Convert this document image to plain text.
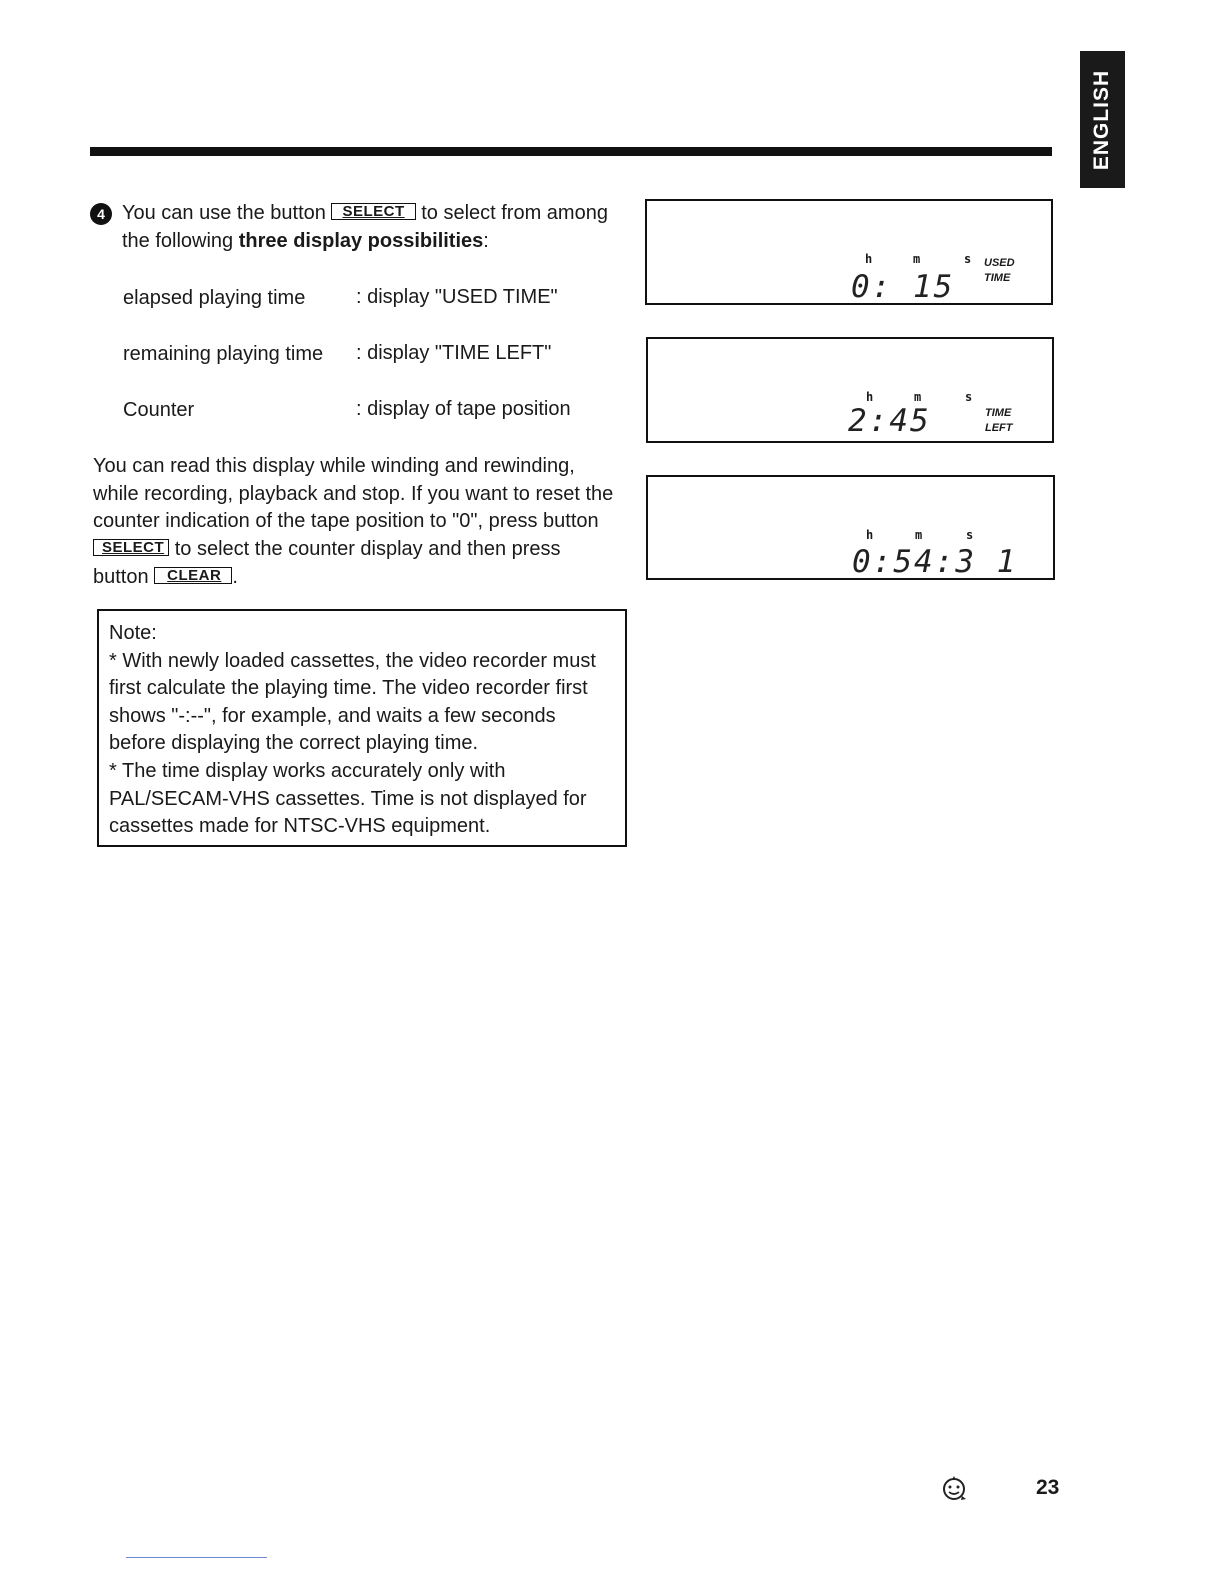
ENGLISH
4 You can use the button SELECT to select from among
the following three display possibilities:
elapsed playing time	: display "USED TIME"
remaining playing time : display "TIME LEFT"
Counter	: display of tape position
You can read this display while winding and rewinding,
while recording, playback and stop. If you want to reset the
counter indication of the tape position to "0", press button
SELECT to select the counter display and then press
button CLEAR .
Note:
* With newly loaded cassettes, the video recorder must
first calculate the playing time. The video recorder first
shows "-:--", for example, and waits a few seconds
before displaying the correct playing time.
* The time display works accurately only with
PAL/SECAM-VHS cassettes. Time is not displayed for
cassettes made for NTSC-VHS equipment.
h	m	s
0: 15
USED
TIME
h	m	s
2:45	TIME
LEFT
h	m	s
0:54:3 1
23
